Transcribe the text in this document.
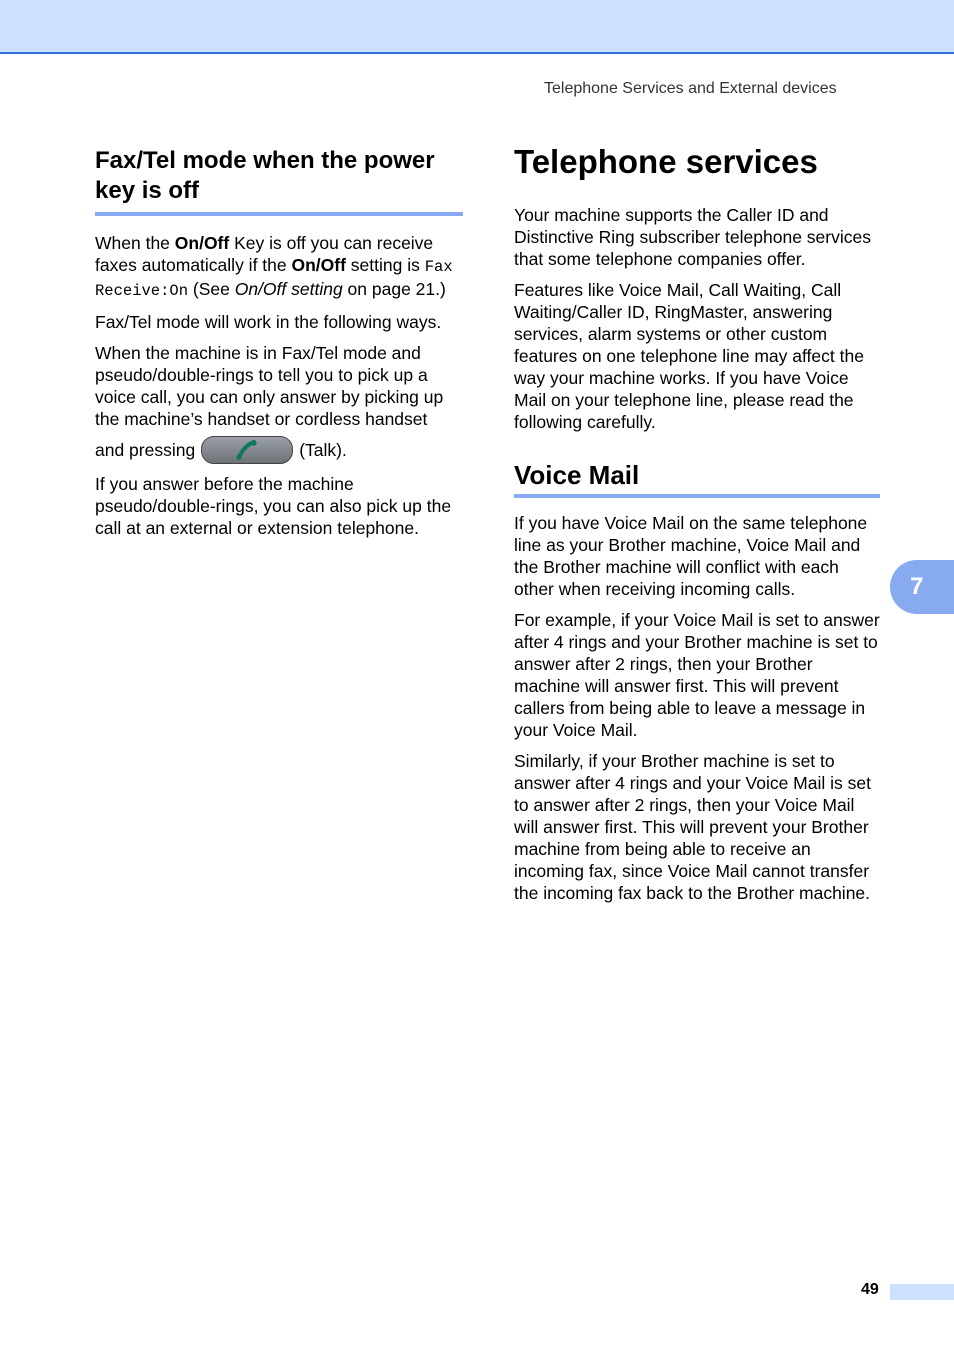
Telephone Services and External devices
Fax/Tel mode when the power key is off

When the On/Off Key is off you can receive faxes automatically if the On/Off setting is Fax Receive:On (See On/Off setting on page 21.)

Fax/Tel mode will work in the following ways.

When the machine is in Fax/Tel mode and pseudo/double-rings to tell you to pick up a voice call, you can only answer by picking up the machine’s handset or cordless handset

and pressing	(Talk).

If you answer before the machine pseudo/double-rings, you can also pick up the call at an external or extension telephone.

Telephone services

Your machine supports the Caller ID and Distinctive Ring subscriber telephone services that some telephone companies offer.

Features like Voice Mail, Call Waiting, Call Waiting/Caller ID, RingMaster, answering services, alarm systems or other custom features on one telephone line may affect the way your machine works. If you have Voice Mail on your telephone line, please read the following carefully.

Voice Mail

If you have Voice Mail on the same telephone line as your Brother machine, Voice Mail and the Brother machine will conflict with each other when receiving incoming calls.

For example, if your Voice Mail is set to answer after 4 rings and your Brother machine is set to answer after 2 rings, then your Brother machine will answer first. This will prevent callers from being able to leave a message in your Voice Mail.

Similarly, if your Brother machine is set to answer after 4 rings and your Voice Mail is set to answer after 2 rings, then your Voice Mail will answer first. This will prevent your Brother machine from being able to receive an incoming fax, since Voice Mail cannot transfer the incoming fax back to the Brother machine.

7
49
